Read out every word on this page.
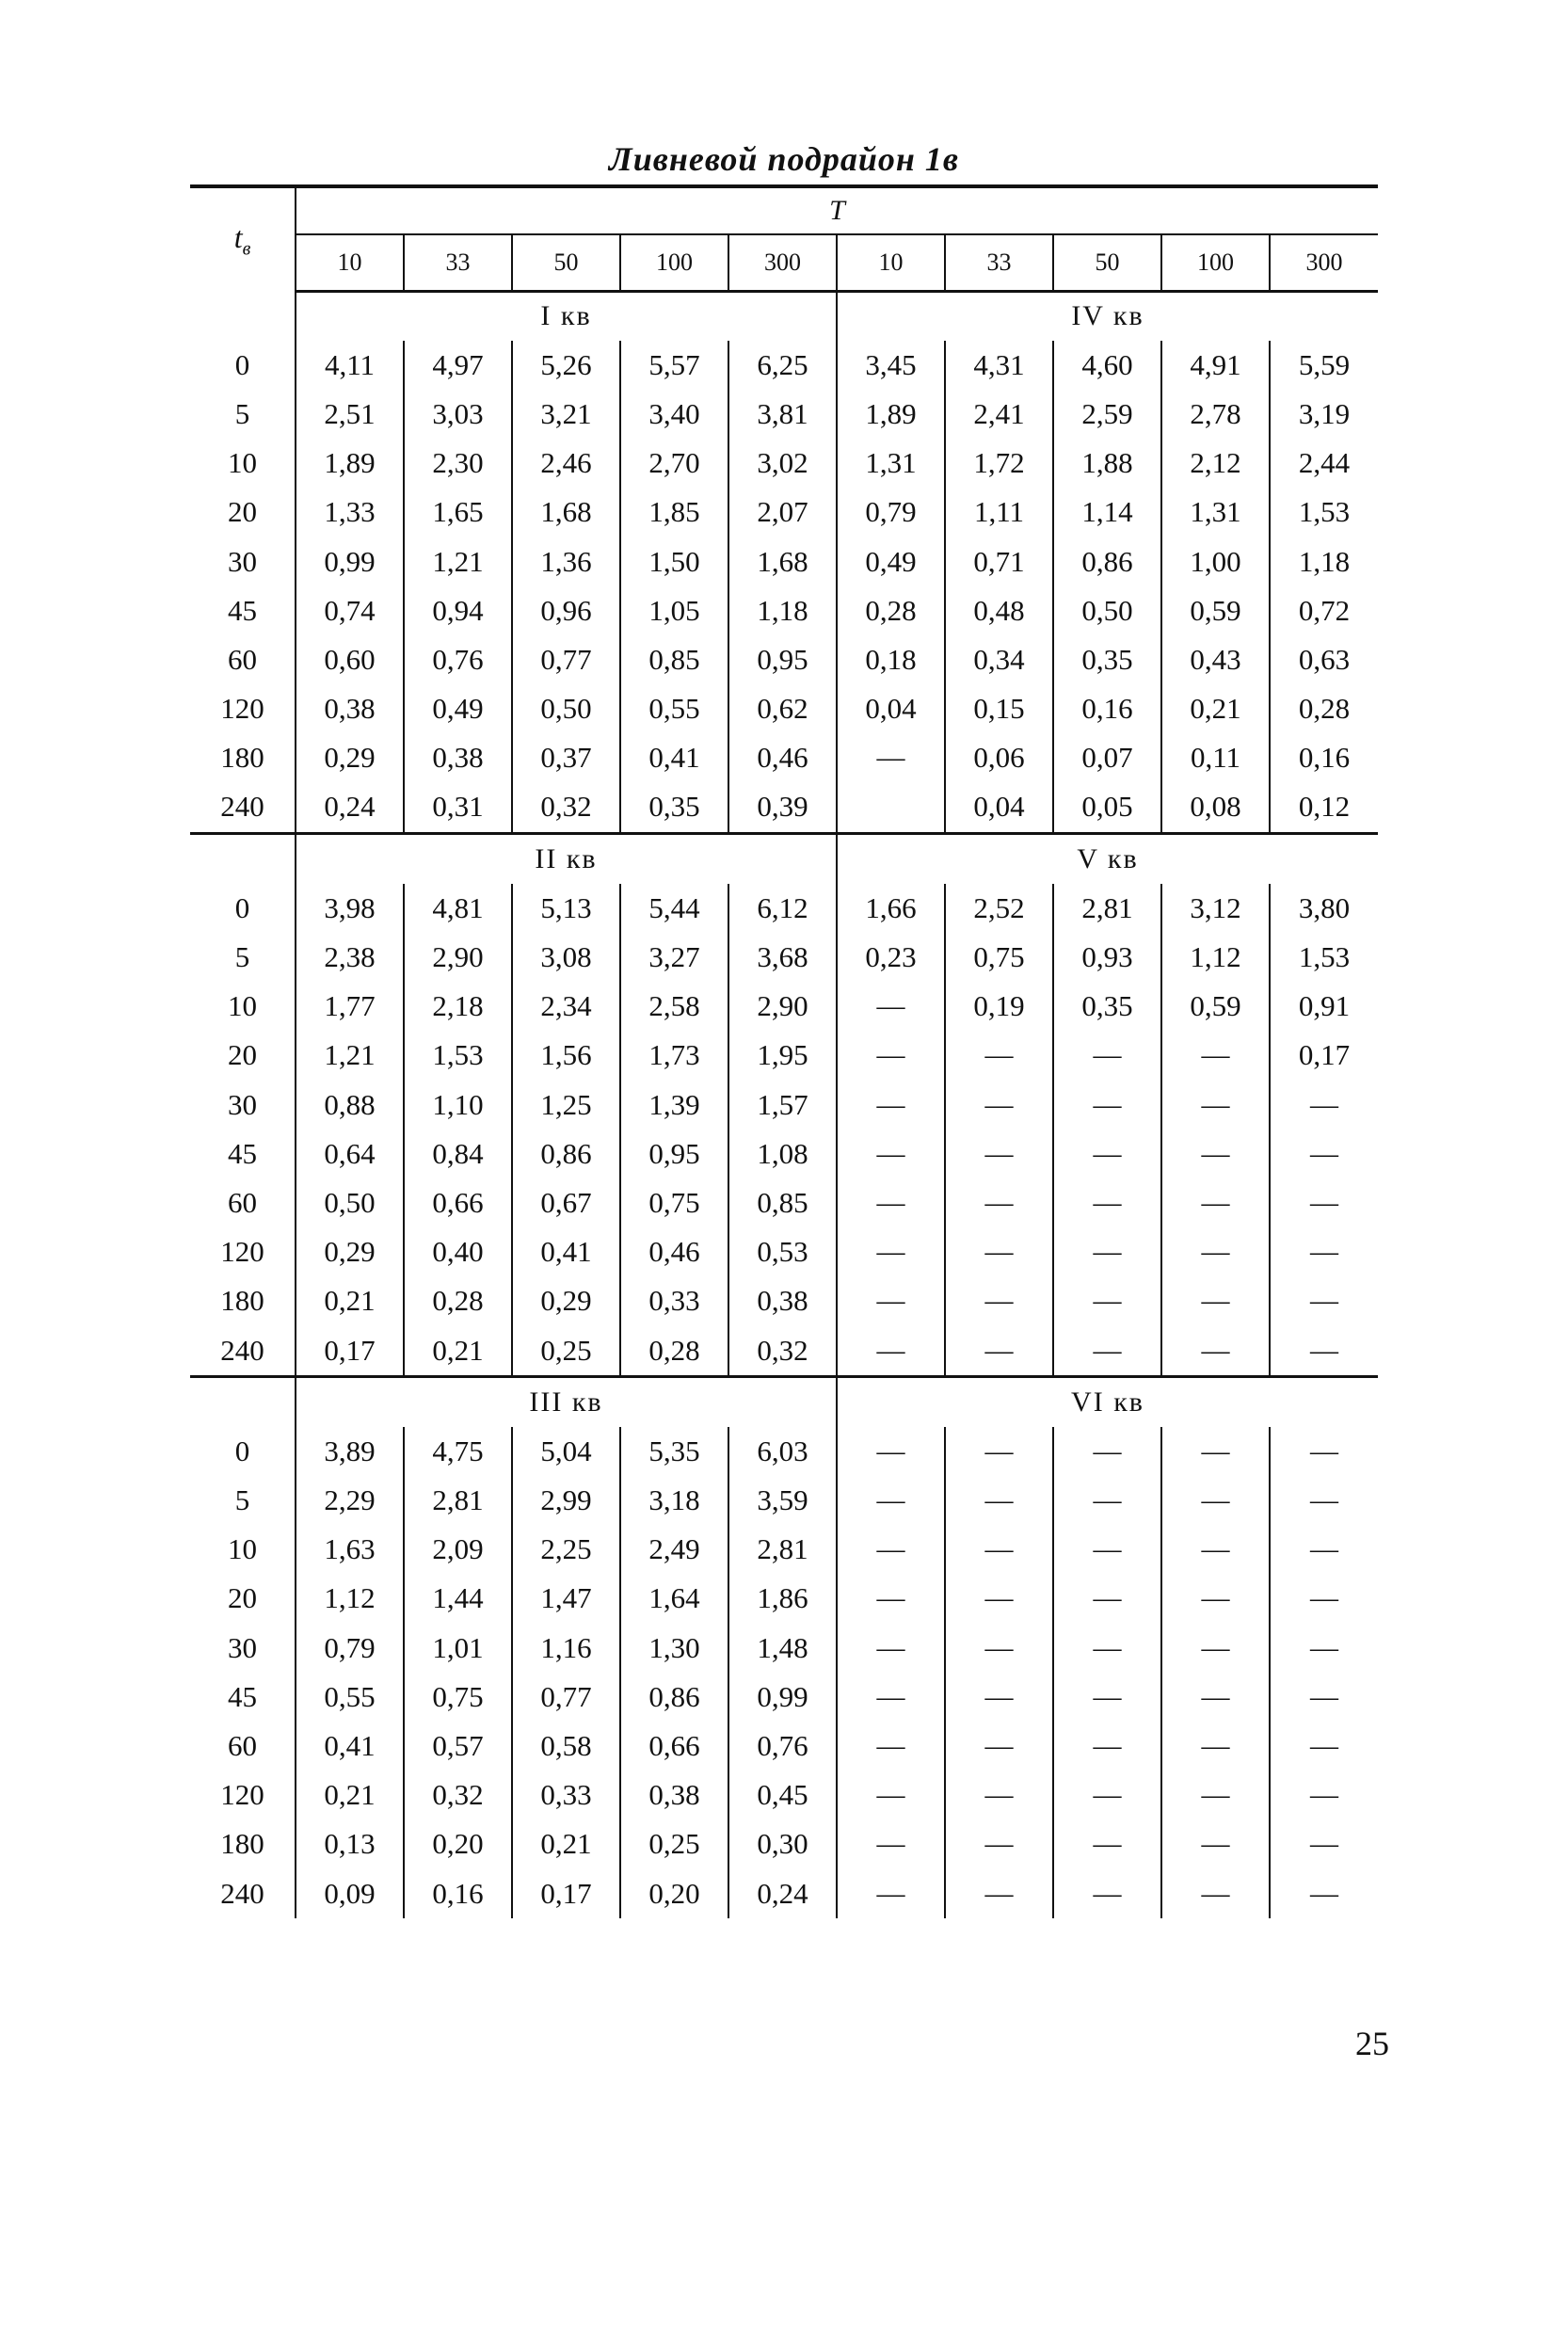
Ливневой подрайон 1в
$t_в$	T									
	10	33	50	100	300	10	33	50	100	300
	I кв					IV кв				
0	4,11	4,97	5,26	5,57	6,25	3,45	4,31	4,60	4,91	5,59
5	2,51	3,03	3,21	3,40	3,81	1,89	2,41	2,59	2,78	3,19
10	1,89	2,30	2,46	2,70	3,02	1,31	1,72	1,88	2,12	2,44
20	1,33	1,65	1,68	1,85	2,07	0,79	1,11	1,14	1,31	1,53
30	0,99	1,21	1,36	1,50	1,68	0,49	0,71	0,86	1,00	1,18
45	0,74	0,94	0,96	1,05	1,18	0,28	0,48	0,50	0,59	0,72
60	0,60	0,76	0,77	0,85	0,95	0,18	0,34	0,35	0,43	0,63
120	0,38	0,49	0,50	0,55	0,62	0,04	0,15	0,16	0,21	0,28
180	0,29	0,38	0,37	0,41	0,46	—	0,06	0,07	0,11	0,16
240	0,24	0,31	0,32	0,35	0,39		0,04	0,05	0,08	0,12
	II кв					V кв				
0	3,98	4,81	5,13	5,44	6,12	1,66	2,52	2,81	3,12	3,80
5	2,38	2,90	3,08	3,27	3,68	0,23	0,75	0,93	1,12	1,53
10	1,77	2,18	2,34	2,58	2,90	—	0,19	0,35	0,59	0,91
20	1,21	1,53	1,56	1,73	1,95	—	—	—	—	0,17
30	0,88	1,10	1,25	1,39	1,57	—	—	—	—	—
45	0,64	0,84	0,86	0,95	1,08	—	—	—	—	—
60	0,50	0,66	0,67	0,75	0,85	—	—	—	—	—
120	0,29	0,40	0,41	0,46	0,53	—	—	—	—	—
180	0,21	0,28	0,29	0,33	0,38	—	—	—	—	—
240	0,17	0,21	0,25	0,28	0,32	—	—	—	—	—
	III кв					VI кв				
0	3,89	4,75	5,04	5,35	6,03	—	—	—	—	—
5	2,29	2,81	2,99	3,18	3,59	—	—	—	—	—
10	1,63	2,09	2,25	2,49	2,81	—	—	—	—	—
20	1,12	1,44	1,47	1,64	1,86	—	—	—	—	—
30	0,79	1,01	1,16	1,30	1,48	—	—	—	—	—
45	0,55	0,75	0,77	0,86	0,99	—	—	—	—	—
60	0,41	0,57	0,58	0,66	0,76	—	—	—	—	—
120	0,21	0,32	0,33	0,38	0,45	—	—	—	—	—
180	0,13	0,20	0,21	0,25	0,30	—	—	—	—	—
240	0,09	0,16	0,17	0,20	0,24	—	—	—	—	—
25
